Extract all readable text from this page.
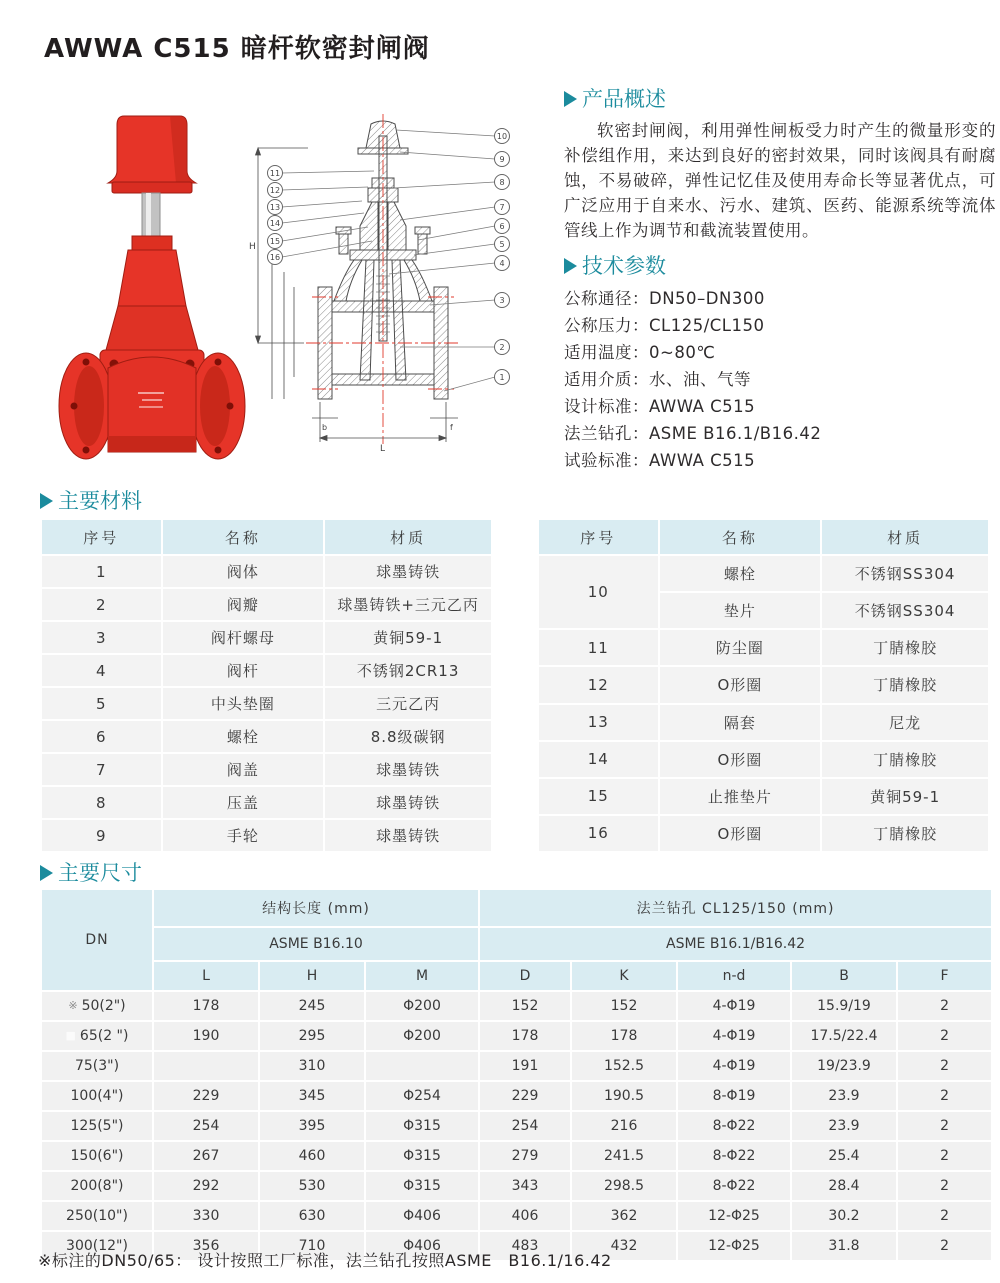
AWWA C515 暗杆软密封闸阀
H
L
b	f
10
9
8
7
6
5
4
3
2
1
11
12
13
14
15
16
产品概述

软密封闸阀，利用弹性闸板受力时产生的微量形变的补偿组作用，来达到良好的密封效果，同时该阀具有耐腐蚀，不易破碎，弹性记忆佳及使用寿命长等显著优点，可广泛应用于自来水、污水、建筑、医药、能源系统等流体管线上作为调节和截流装置使用。

技术参数
公称通径： DN50–DN300
公称压力： CL125/CL150
适用温度： 0~80℃
适用介质： 水、油、气等
设计标准： AWWA C515
法兰钻孔： ASME B16.1/B16.42
试验标准： AWWA C515
主要材料
序号	名称	材质
1	阀体	球墨铸铁
2	阀瓣	球墨铸铁+三元乙丙
3	阀杆螺母	黄铜59-1
4	阀杆	不锈钢2CR13
5	中头垫圈	三元乙丙
6	螺栓	8.8级碳钢
7	阀盖	球墨铸铁
8	压盖	球墨铸铁
9	手轮	球墨铸铁
序号	名称	材质
10	螺栓	不锈钢SS304
	垫片	不锈钢SS304
11	防尘圈	丁腈橡胶
12	O形圈	丁腈橡胶
13	隔套	尼龙
14	O形圈	丁腈橡胶
15	止推垫片	黄铜59-1
16	O形圈	丁腈橡胶
主要尺寸
DN	结构长度 (mm)			法兰钻孔 CL125/150 (mm)				
	ASME B16.10			ASME B16.1/B16.42				
	L	H	M	D	K	n-d	B	F
※ 50(2")	178	245	Φ200	152	152	4-Φ19	15.9/19	2
■ 65(2 ")	190	295	Φ200	178	178	4-Φ19	17.5/22.4	2
75(3")		310		191	152.5	4-Φ19	19/23.9	2
100(4")	229	345	Φ254	229	190.5	8-Φ19	23.9	2
125(5")	254	395	Φ315	254	216	8-Φ22	23.9	2
150(6")	267	460	Φ315	279	241.5	8-Φ22	25.4	2
200(8")	292	530	Φ315	343	298.5	8-Φ22	28.4	2
250(10")	330	630	Φ406	406	362	12-Φ25	30.2	2
300(12")	356	710	Φ406	483	432	12-Φ25	31.8	2
※标注的DN50/65： 设计按照工厂标准，法兰钻孔按照ASME　B16.1/16.42
